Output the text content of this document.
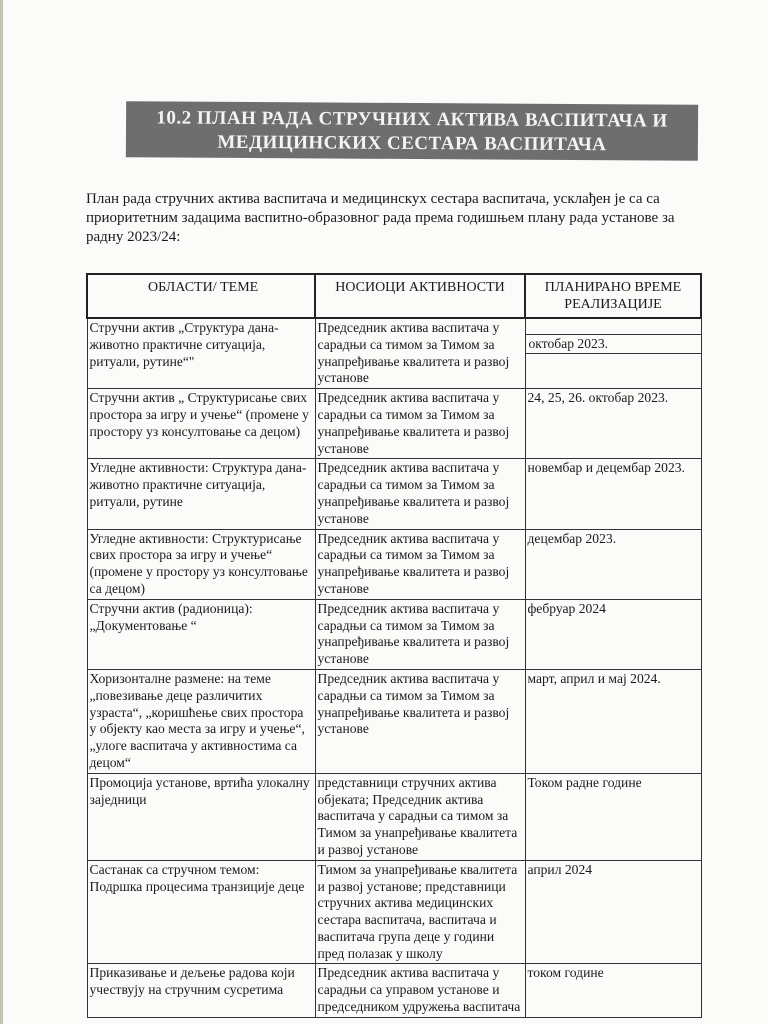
10.2 ПЛАН РАДА СТРУЧНИХ АКТИВА ВАСПИТАЧА И
МЕДИЦИНСКИХ СЕСТАРА ВАСПИТАЧА
План рада стручних актива васпитача и медицинскух сестара васпитача, усклађен је са са приоритетним задацима васпитно-образовног рада према годишњем плану рада установе за радну 2023/24:
ОБЛАСТИ/ ТЕМЕ	НОСИОЦИ АКТИВНОСТИ	ПЛАНИРАНО ВРЕМЕ РЕАЛИЗАЦИЈЕ
Стручни актив „Структура дана-животно практичне ситуација, ритуали, рутине“"	Председник актива васпитача у сарадњи са тимом за Тимом за унапређивање квалитета и развој установе	октобар 2023.

Стручни актив „ Структурисање свих простора за игру и учење“ (промене у простору уз консултовање са децом)	Председник актива васпитача у сарадњи са тимом за Тимом за унапређивање квалитета и развој установе	24, 25, 26. октобар 2023.
Угледне активности: Структура дана-животно практичне ситуација, ритуали, рутине	Председник актива васпитача у сарадњи са тимом за Тимом за унапређивање квалитета и развој установе	новембар и децембар 2023.
Угледне активности: Структурисање свих простора за игру и учење“ (промене у простору уз консултовање са децом)	Председник актива васпитача у сарадњи са тимом за Тимом за унапређивање квалитета и развој установе	децембар 2023.
Стручни актив (радионица): „Документовање “	Председник актива васпитача у сарадњи са тимом за Тимом за унапређивање квалитета и развој установе	фебруар 2024
Хоризонталне размене: на теме „повезивање деце различитих узраста“, „коришћење свих простора у објекту као места за игру и учење“, „улоге васпитача у активностима са децом“	Председник актива васпитача у сарадњи са тимом за Тимом за унапређивање квалитета и развој установе	март, април и мај 2024.
Промоција установе, вртића улокалну заједници	представници стручних актива објеката; Председник актива васпитача у сарадњи са тимом за Тимом за унапређивање квалитета и развој установе	Током радне године
Састанак са стручном темом: Подршка процесима транзиције деце	Тимом за унапређивање квалитета и развој установе; представници стручних актива медицинских сестара васпитача, васпитача и васпитача група деце у години пред полазак у школу	април 2024
Приказивање и дељење радова који учествују на стручним сусретима	Председник актива васпитача у сарадњи са управом установе и председником удружења васпитача	током године
